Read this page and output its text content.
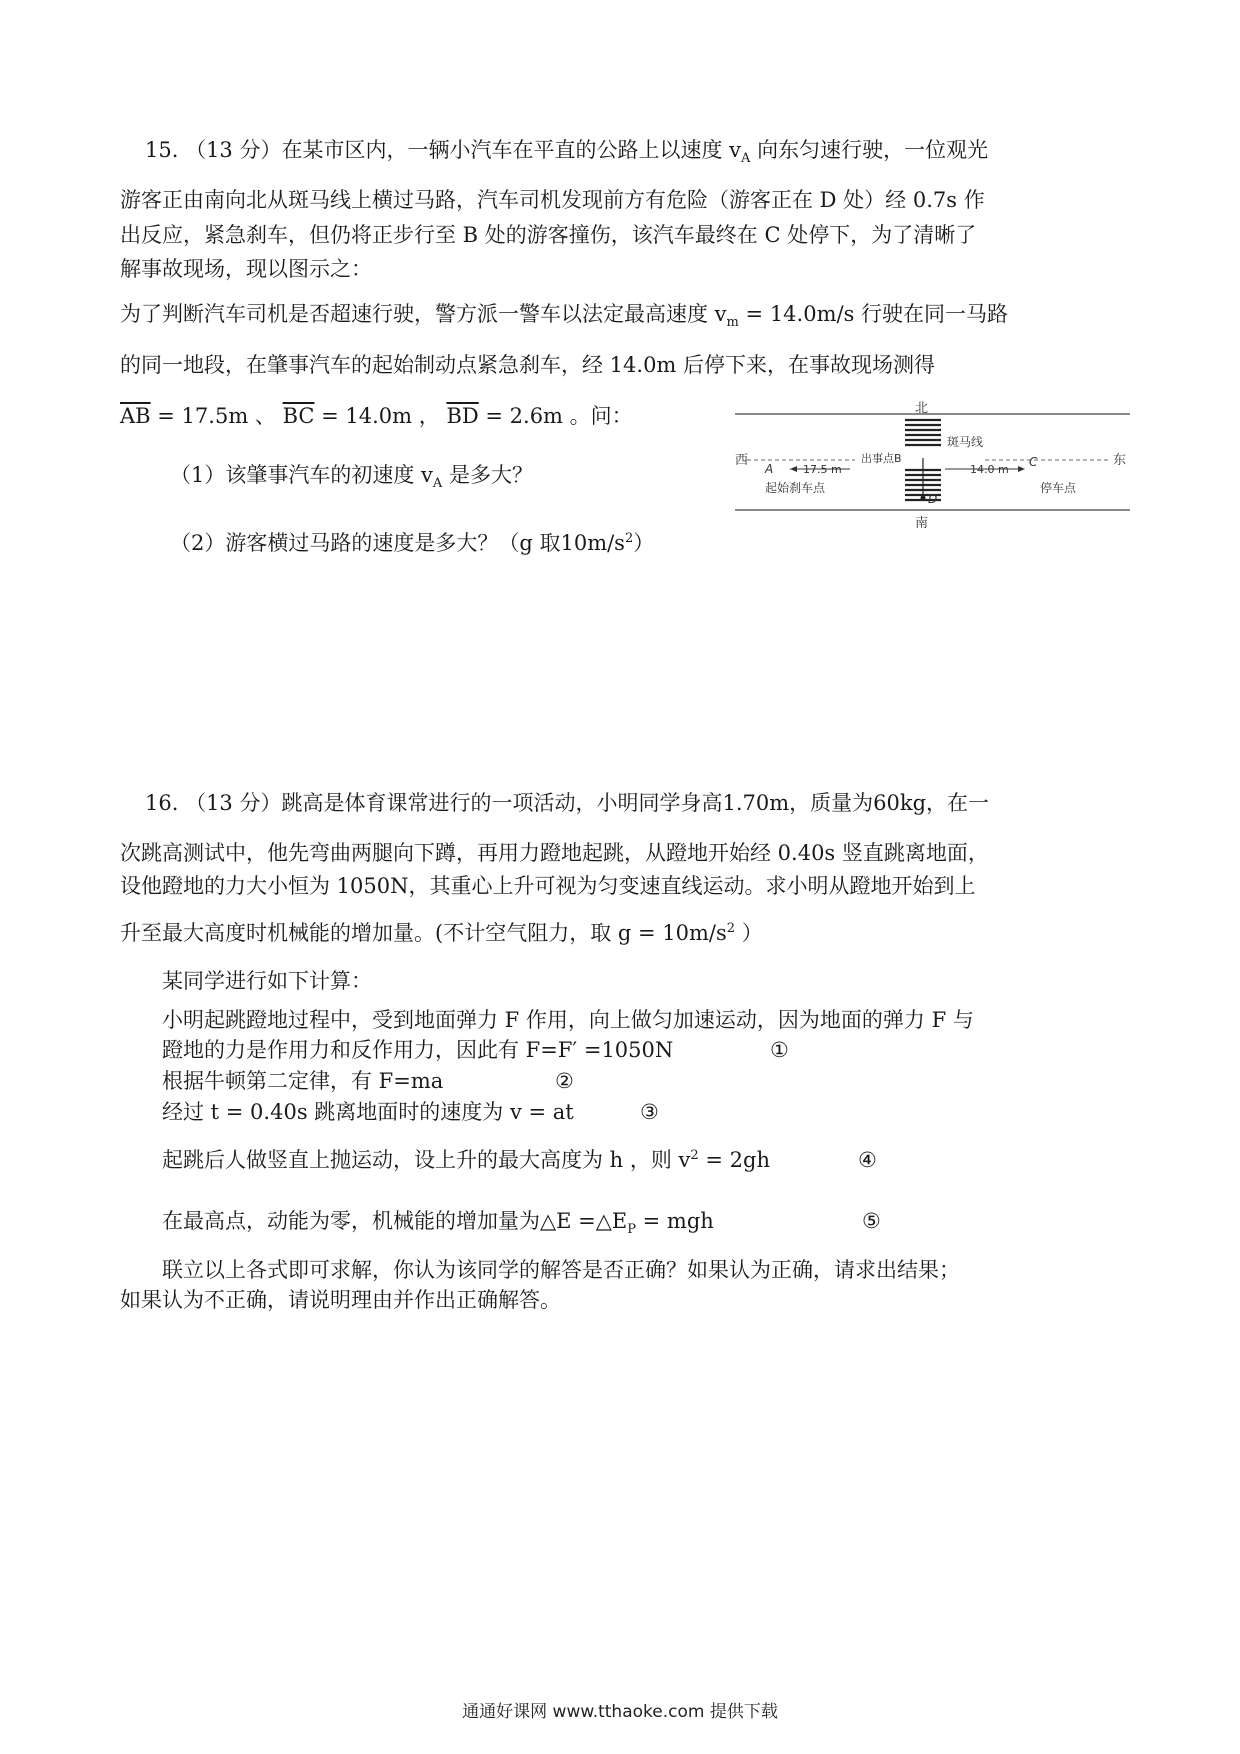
15. （13 分）在某市区内，一辆小汽车在平直的公路上以速度 $v_A$ 向东匀速行驶，一位观光
游客正由南向北从斑马线上横过马路，汽车司机发现前方有危险（游客正在 D 处）经 0.7s 作
出反应，紧急刹车，但仍将正步行至 B 处的游客撞伤，该汽车最终在 C 处停下，为了清晰了
解事故现场，现以图示之：
为了判断汽车司机是否超速行驶，警方派一警车以法定最高速度 $v_m = 14.0m/s$ 行驶在同一马路
的同一地段，在肇事汽车的起始制动点紧急刹车，经 14.0m 后停下来，在事故现场测得
$\overline{AB} = 17.5m$ 、 $\overline{BC} = 14.0m$ ， $\overline{BD} = 2.6m$ 。问：
（1）该肇事汽车的初速度 $v_A$ 是多大？
（2）游客横过马路的速度是多大？（g 取$10m/s^2$）
北
南
西	东
斑马线
出事点B
A	C
D
17.5 m	14.0 m
起始刹车点	停车点
16. （13 分）跳高是体育课常进行的一项活动，小明同学身高1.70m，质量为60kg，在一
次跳高测试中，他先弯曲两腿向下蹲，再用力蹬地起跳，从蹬地开始经 0.40s 竖直跳离地面，
设他蹬地的力大小恒为 1050N，其重心上升可视为匀变速直线运动。求小明从蹬地开始到上
升至最大高度时机械能的增加量。(不计空气阻力，取 $g = 10m/s^2$ ）
某同学进行如下计算：
小明起跳蹬地过程中，受到地面弹力 F 作用，向上做匀加速运动，因为地面的弹力 F 与
蹬地的力是作用力和反作用力，因此有 F=F′ =1050N	①
根据牛顿第二定律，有 F=ma	②
经过 t = 0.40s 跳离地面时的速度为 v = at	③
起跳后人做竖直上抛运动，设上升的最大高度为 h ，则 $v^2 = 2gh$	④
在最高点，动能为零，机械能的增加量为△E $=\triangle E_P$ = mgh	⑤
联立以上各式即可求解，你认为该同学的解答是否正确？如果认为正确，请求出结果；
如果认为不正确，请说明理由并作出正确解答。
通通好课网 www.tthaoke.com 提供下载
